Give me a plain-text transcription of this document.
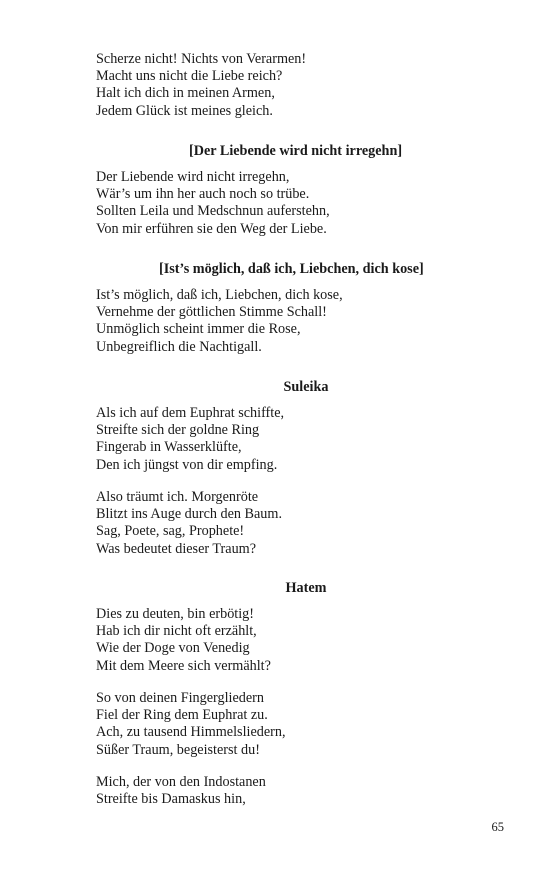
Scherze nicht! Nichts von Verarmen!
Macht uns nicht die Liebe reich?
Halt ich dich in meinen Armen,
Jedem Glück ist meines gleich.
[Der Liebende wird nicht irregehn]
Der Liebende wird nicht irregehn,
Wär’s um ihn her auch noch so trübe.
Sollten Leila und Medschnun auferstehn,
Von mir erführen sie den Weg der Liebe.
[Ist’s möglich, daß ich, Liebchen, dich kose]
Ist’s möglich, daß ich, Liebchen, dich kose,
Vernehme der göttlichen Stimme Schall!
Unmöglich scheint immer die Rose,
Unbegreiflich die Nachtigall.
Suleika
Als ich auf dem Euphrat schiffte,
Streifte sich der goldne Ring
Fingerab in Wasserklüfte,
Den ich jüngst von dir empfing.
Also träumt ich. Morgenröte
Blitzt ins Auge durch den Baum.
Sag, Poete, sag, Prophete!
Was bedeutet dieser Traum?
Hatem
Dies zu deuten, bin erbötig!
Hab ich dir nicht oft erzählt,
Wie der Doge von Venedig
Mit dem Meere sich vermählt?
So von deinen Fingergliedern
Fiel der Ring dem Euphrat zu.
Ach, zu tausend Himmelsliedern,
Süßer Traum, begeisterst du!
Mich, der von den Indostanen
Streifte bis Damaskus hin,
65
